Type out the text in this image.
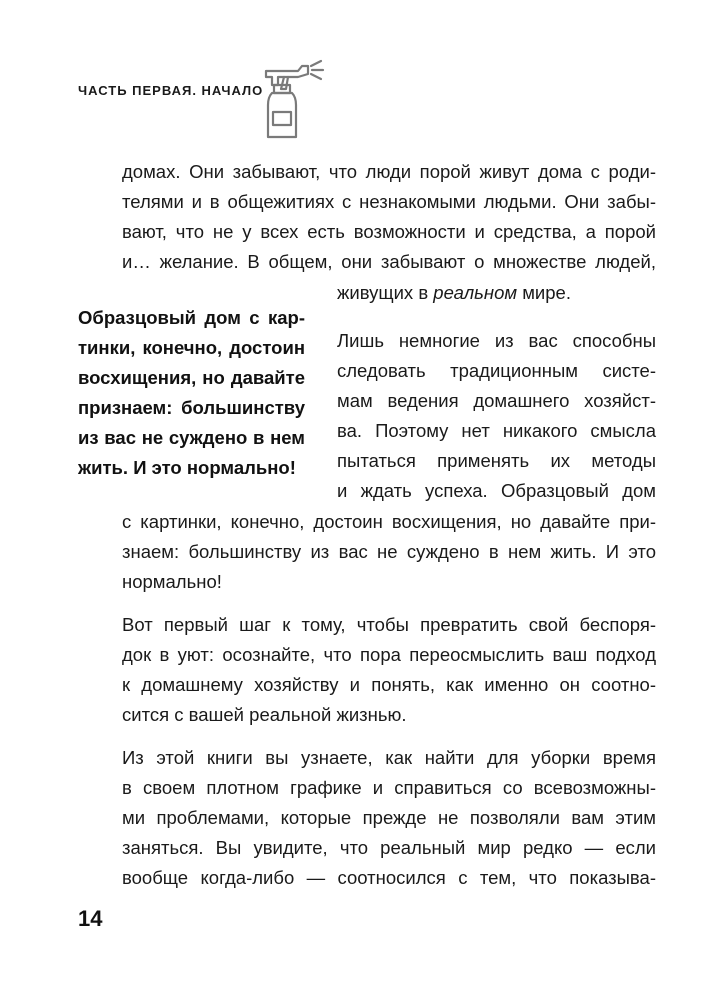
ЧАСТЬ ПЕРВАЯ. НАЧАЛО
домах. Они забывают, что люди порой живут дома с роди-
телями и в общежитиях с незнакомыми людьми. Они забы-
вают, что не у всех есть возможности и средства, а порой
и… желание. В общем, они забывают о множестве людей,
живущих в реальном мире.
Образцовый дом с кар-
тинки, конечно, достоин
восхищения, но давайте
признаем: большинству
из вас не суждено в нем
жить. И это нормально!
Лишь немногие из вас способны
следовать традиционным систе-
мам ведения домашнего хозяйст-
ва. Поэтому нет никакого смысла
пытаться применять их методы
и ждать успеха. Образцовый дом
с картинки, конечно, достоин восхищения, но давайте при-
знаем: большинству из вас не суждено в нем жить. И это
нормально!
Вот первый шаг к тому, чтобы превратить свой беспоря-
док в уют: осознайте, что пора переосмыслить ваш подход
к домашнему хозяйству и понять, как именно он соотно-
сится с вашей реальной жизнью.
Из этой книги вы узнаете, как найти для уборки время
в своем плотном графике и справиться со всевозможны-
ми проблемами, которые прежде не позволяли вам этим
заняться. Вы увидите, что реальный мир редко — если
вообще когда-либо — соотносился с тем, что показыва-
14
